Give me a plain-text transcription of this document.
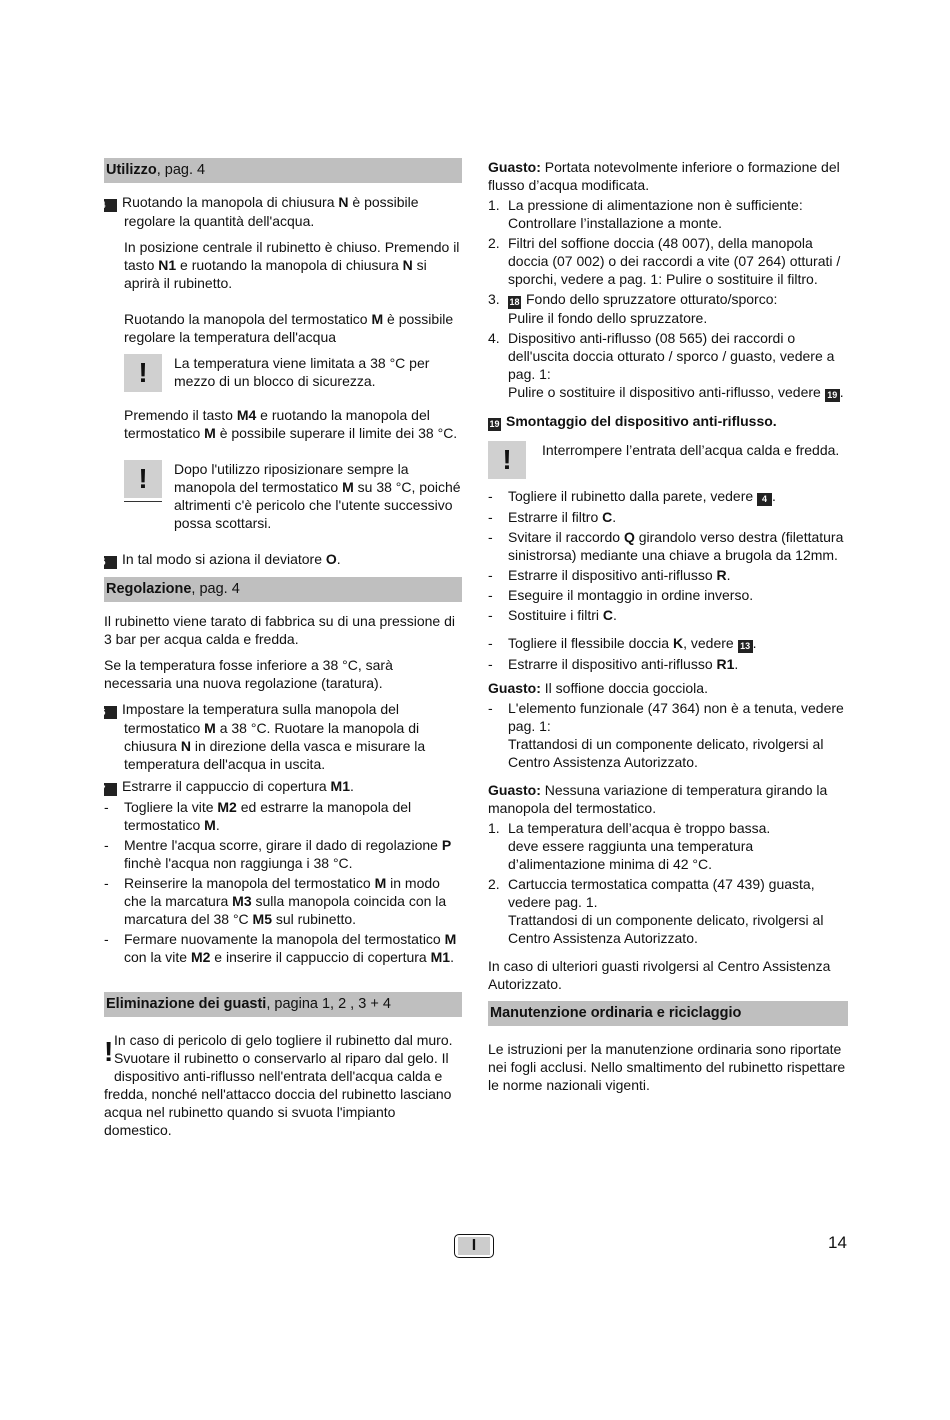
Utilizzo, pag. 4

14 Ruotando la manopola di chiusura N è possibile regolare la quantità dell'acqua.

In posizione centrale il rubinetto è chiuso. Premendo il tasto N1 e ruotando la manopola di chiusura N si aprirà il rubinetto.

Ruotando la manopola del termostatico M è possibile regolare la temperatura dell'acqua

!	La temperatura viene limitata a 38 °C per mezzo di un blocco di sicurezza.

Premendo il tasto M4 e ruotando la manopola del termostatico M è possibile superare il limite dei 38 °C.

!	Dopo l'utilizzo riposizionare sempre la manopola del termostatico M su 38 °C, poiché altrimenti c'è pericolo che l'utente successivo possa scottarsi.

15 In tal modo si aziona il deviatore O.

Regolazione, pag. 4

Il rubinetto viene tarato di fabbrica su di una pressione di 3 bar per acqua calda e fredda.

Se la temperatura fosse inferiore a 38 °C, sarà necessaria una nuova regolazione (taratura).

16 Impostare la temperatura sulla manopola del termostatico M a 38 °C. Ruotare la manopola di chiusura N in direzione della vasca e misurare la temperatura dell'acqua in uscita.

17 Estrarre il cappuccio di copertura M1.

-	Togliere la vite M2 ed estrarre la manopola del termostatico M.
-	Mentre l'acqua scorre, girare il dado di regolazione P finchè l'acqua non raggiunga i 38 °C.
-	Reinserire la manopola del termostatico M in modo che la marcatura M3 sulla manopola coincida con la marcatura del 38 °C M5 sul rubinetto.
-	Fermare nuovamente la manopola del termostatico M con la vite M2 e inserire il cappuccio di copertura M1.
Eliminazione dei guasti, pagina 1, 2 , 3 + 4
! In caso di pericolo di gelo togliere il rubinetto dal muro. Svuotare il rubinetto o conservarlo al riparo dal gelo. Il dispositivo anti-riflusso nell'entrata dell'acqua calda e fredda, nonché nell'attacco doccia del rubinetto lasciano acqua nel rubinetto quando si svuota l'impianto domestico.

Guasto: Portata notevolmente inferiore o formazione del flusso d’acqua modificata.

1. La pressione di alimentazione non è sufficiente:
Controllare l’installazione a monte.
2. Filtri del soffione doccia (48 007), della manopola doccia (07 002) o dei raccordi a vite (07 264) otturati / sporchi, vedere a pag. 1: Pulire o sostituire il filtro.
3.	18 Fondo dello spruzzatore otturato/sporco:
Pulire il fondo dello spruzzatore.
4. Dispositivo anti-riflusso (08 565) dei raccordi o dell'uscita doccia otturato / sporco / guasto, vedere a pag. 1:
Pulire o sostituire il dispositivo anti-riflusso, vedere 19 .

19 Smontaggio del dispositivo anti-riflusso.

!	Interrompere l’entrata dell’acqua calda e fredda.
-	Togliere il rubinetto dalla parete, vedere 4 .
-	Estrarre il filtro C.
-	Svitare il raccordo Q girandolo verso destra (filettatura sinistrorsa) mediante una chiave a brugola da 12mm.
-	Estrarre il dispositivo anti-riflusso R.
-	Eseguire il montaggio in ordine inverso.
-	Sostituire i filtri C.
-	Togliere il flessibile doccia K, vedere 13 .
-	Estrarre il dispositivo anti-riflusso R1.

Guasto: Il soffione doccia gocciola.

-	L'elemento funzionale (47 364) non è a tenuta, vedere pag. 1:
Trattandosi di un componente delicato, rivolgersi al Centro Assistenza Autorizzato.

Guasto: Nessuna variazione di temperatura girando la manopola del termostatico.

1. La temperatura dell’acqua è troppo bassa.
deve essere raggiunta una temperatura d’alimentazione minima di 42 °C.
2. Cartuccia termostatica compatta (47 439) guasta, vedere pag. 1.
Trattandosi di un componente delicato, rivolgersi al Centro Assistenza Autorizzato.

In caso di ulteriori guasti rivolgersi al Centro Assistenza Autorizzato.

Manutenzione ordinaria e riciclaggio

Le istruzioni per la manutenzione ordinaria sono riportate nei fogli acclusi. Nello smaltimento del rubinetto rispettare le norme nazionali vigenti.

I	14
